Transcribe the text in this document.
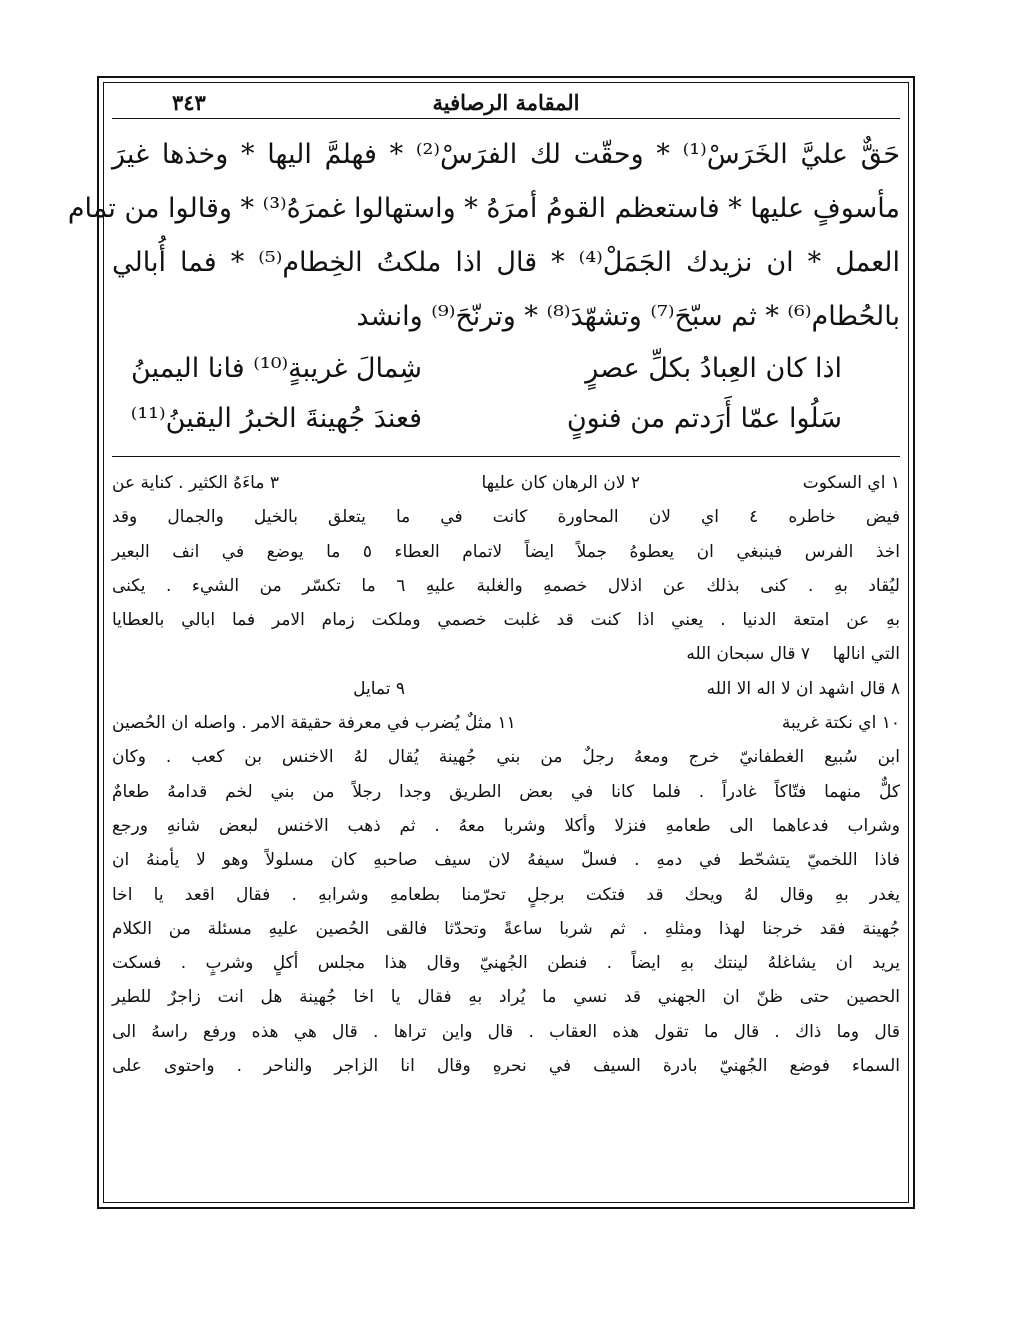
المقامة الرصافية
٣٤٣
حَقٌّ عليَّ الخَرَسْ⁽¹⁾ * وحقّت لك الفرَسْ⁽²⁾ * فهلمَّ اليها * وخذها غيرَ
مأسوفٍ عليها * فاستعظم القومُ أمرَهُ * واستهالوا غمرَهُ⁽³⁾ * وقالوا من تمام
العمل * ان نزيدك الجَمَلْ⁽⁴⁾ * قال اذا ملكتُ الخِطام⁽⁵⁾ * فما أُبالي
بالحُطام⁽⁶⁾ * ثم سبّحَ⁽⁷⁾ وتشهّدَ⁽⁸⁾ * وترنّحَ⁽⁹⁾ وانشد
اذا كان العِبادُ بكلِّ عصرٍ
شِمالَ غريبةٍ⁽¹⁰⁾ فانا اليمينُ
سَلُوا عمّا أَرَدتم من فنونٍ
فعندَ جُهينةَ الخبرُ اليقينُ⁽¹¹⁾
١ اي السكوت
٢ لان الرهان كان عليها
٣ ماءَهُ الكثير . كناية عن
فيض خاطره ٤ اي لان المحاورة كانت في ما يتعلق بالخيل والجمال وقد
اخذ الفرس فينبغي ان يعطوهُ جملاً ايضاً لاتمام العطاء ٥ ما يوضع في انف البعير
ليُقاد بهِ . كنى بذلك عن اذلال خصمهِ والغلبة عليهِ ٦ ما تكسّر من الشيء . يكنى
بهِ عن امتعة الدنيا . يعني اذا كنت قد غلبت خصمي وملكت زمام الامر فما ابالي بالعطايا
التي انالها
٧ قال سبحان الله
٨ قال اشهد ان لا اله الا الله
٩ تمايل
١٠ اي نكتة غريبة
١١ مثلٌ يُضرب في معرفة حقيقة الامر . واصله ان الحُصين
ابن سُبيع الغطفانيّ خرج ومعهُ رجلٌ من بني جُهينة يُقال لهُ الاخنس بن كعب . وكان
كلٌّ منهما فتّاكاً غادراً . فلما كانا في بعض الطريق وجدا رجلاً من بني لخم قدامهُ طعامٌ
وشراب فدعاهما الى طعامهِ فنزلا وأكلا وشربا معهُ . ثم ذهب الاخنس لبعض شانهِ ورجع
فاذا اللخميّ يتشحّط في دمهِ . فسلّ سيفهُ لان سيف صاحبهِ كان مسلولاً وهو لا يأمنهُ ان
يغدر بهِ وقال لهُ ويحك قد فتكت برجلٍ تحرّمنا بطعامهِ وشرابهِ . فقال اقعد يا اخا
جُهينة فقد خرجنا لهذا ومثلهِ . ثم شربا ساعةً وتحدّثا فالقى الحُصين عليهِ مسئلة من الكلام
يريد ان يشاغلهُ لينتك بهِ ايضاً . فنطن الجُهنيّ وقال هذا مجلس أكلٍ وشربٍ . فسكت
الحصين حتى ظنّ ان الجهني قد نسي ما يُراد بهِ فقال يا اخا جُهينة هل انت زاجرٌ للطير
قال وما ذاك . قال ما تقول هذه العقاب . قال واين تراها . قال هي هذه ورفع راسهُ الى
السماء فوضع الجُهنيّ بادرة السيف في نحرهِ وقال انا الزاجر والناحر . واحتوى على
